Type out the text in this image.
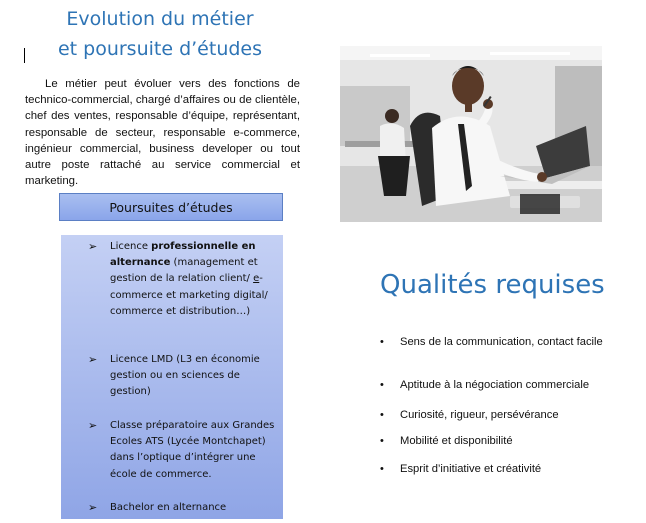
Evolution du métier
et poursuite d’études

Le métier peut évoluer vers des fonctions de technico-commercial, chargé d’affaires ou de clientèle, chef des ventes, responsable d’équipe, représentant, responsable de secteur, responsable e-commerce, ingénieur commercial, business developer ou tout autre poste rattaché au service commercial et marketing.

Poursuites d’études
➢ Licence professionnelle en alternance (management et gestion de la relation client/ e-commerce et marketing digital/ commerce et distribution…)
➢ Licence LMD (L3 en économie gestion ou en sciences de gestion)
➢ Classe préparatoire aux Grandes Ecoles ATS (Lycée Montchapet) dans l’optique d’intégrer une école de commerce.
➢ Bachelor en alternance
Qualités requises
• Sens de la communication, contact facile
• Aptitude à la négociation commerciale
• Curiosité, rigueur, persévérance
• Mobilité et disponibilité
• Esprit d’initiative et créativité
